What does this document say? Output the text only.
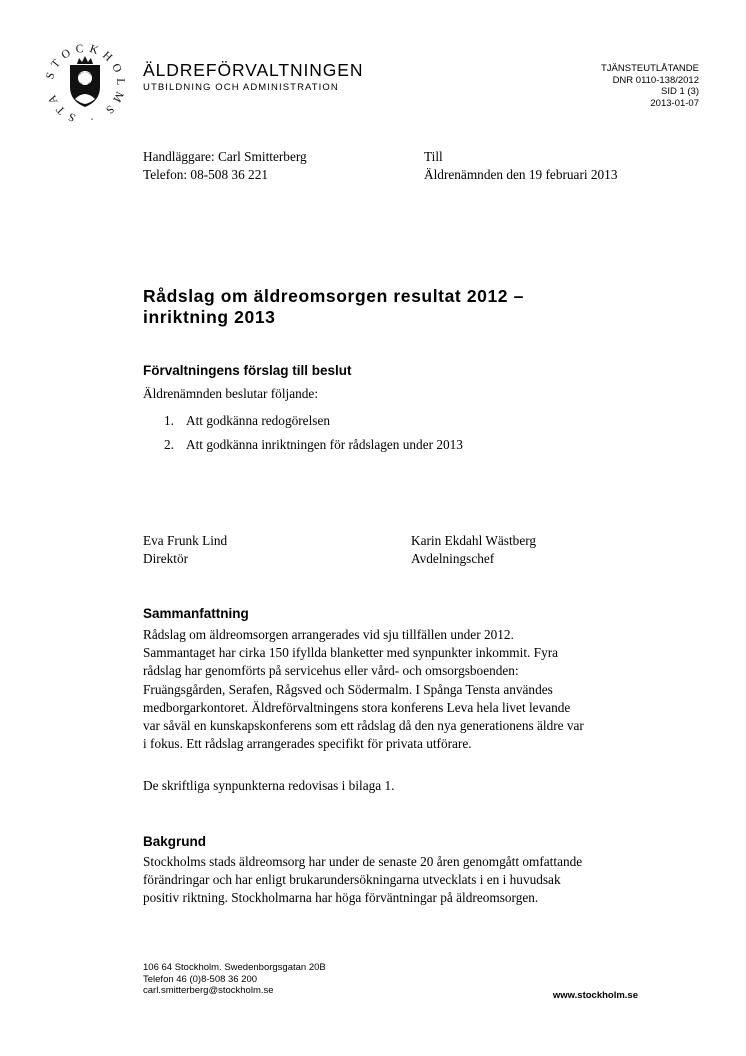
STOCKHOLMS · STA
ÄLDREFÖRVALTNINGEN
UTBILDNING OCH ADMINISTRATION
TJÄNSTEUTLÅTANDE
DNR 0110-138/2012
SID 1 (3)
2013-01-07
Handläggare: Carl Smitterberg
Telefon: 08-508 36 221
Till
Äldrenämnden den 19 februari 2013
Rådslag om äldreomsorgen resultat 2012 –
inriktning 2013
Förvaltningens förslag till beslut
Äldrenämnden beslutar följande:
1. Att godkänna redogörelsen
2. Att godkänna inriktningen för rådslagen under 2013
Eva Frunk Lind
Direktör
Karin Ekdahl Wästberg
Avdelningschef
Sammanfattning
Rådslag om äldreomsorgen arrangerades vid sju tillfällen under 2012.
Sammantaget har cirka 150 ifyllda blanketter med synpunkter inkommit. Fyra
rådslag har genomförts på servicehus eller vård- och omsorgsboenden:
Fruängsgården, Serafen, Rågsved och Södermalm. I Spånga Tensta användes
medborgarkontoret. Äldreförvaltningens stora konferens Leva hela livet levande
var såväl en kunskapskonferens som ett rådslag då den nya generationens äldre var
i fokus. Ett rådslag arrangerades specifikt för privata utförare.
De skriftliga synpunkterna redovisas i bilaga 1.
Bakgrund
Stockholms stads äldreomsorg har under de senaste 20 åren genomgått omfattande
förändringar och har enligt brukarundersökningarna utvecklats i en i huvudsak
positiv riktning. Stockholmarna har höga förväntningar på äldreomsorgen.
106 64 Stockholm. Swedenborgsgatan 20B
Telefon 46 (0)8-508 36 200
carl.smitterberg@stockholm.se	www.stockholm.se
